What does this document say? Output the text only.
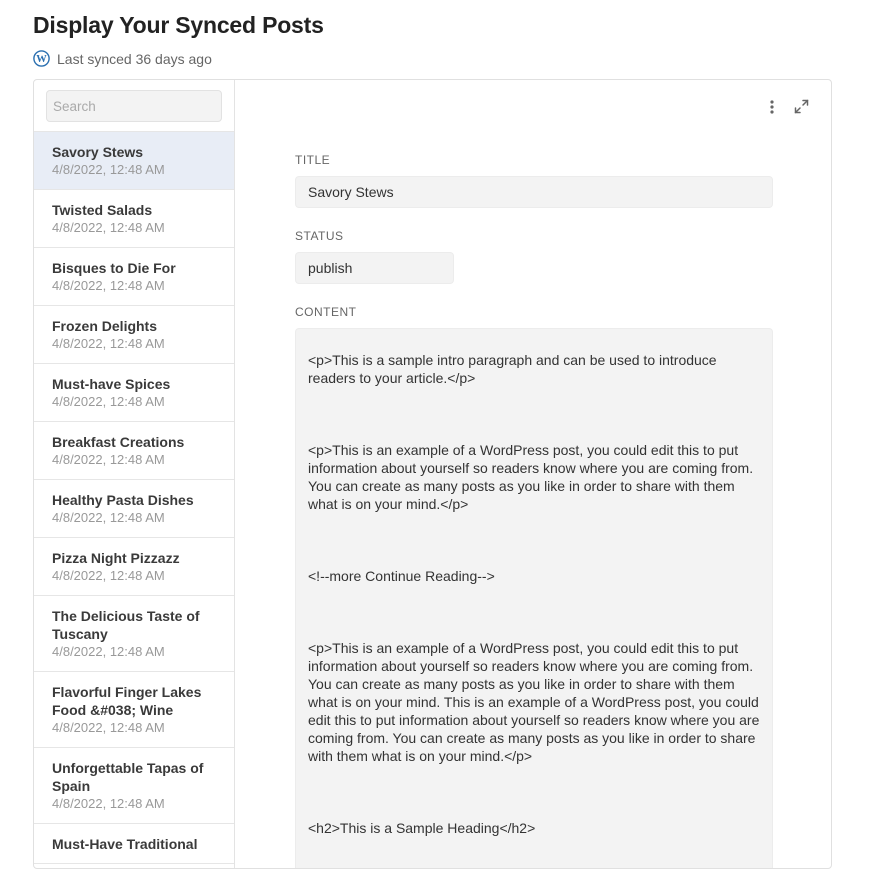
Display Your Synced Posts
W Last synced 36 days ago
Search
Savory Stews
4/8/2022, 12:48 AM
Twisted Salads
4/8/2022, 12:48 AM
Bisques to Die For
4/8/2022, 12:48 AM
Frozen Delights
4/8/2022, 12:48 AM
Must-have Spices
4/8/2022, 12:48 AM
Breakfast Creations
4/8/2022, 12:48 AM
Healthy Pasta Dishes
4/8/2022, 12:48 AM
Pizza Night Pizzazz
4/8/2022, 12:48 AM
The Delicious Taste of Tuscany
4/8/2022, 12:48 AM
Flavorful Finger Lakes Food &#038; Wine
4/8/2022, 12:48 AM
Unforgettable Tapas of Spain
4/8/2022, 12:48 AM
Must-Have Traditional
TITLE
Savory Stews
STATUS
publish
CONTENT
<p>This is a sample intro paragraph and can be used to introduce readers to your article.</p>
<p>This is an example of a WordPress post, you could edit this to put information about yourself so readers know where you are coming from. You can create as many posts as you like in order to share with them what is on your mind.</p>
<!--more Continue Reading-->
<p>This is an example of a WordPress post, you could edit this to put information about yourself so readers know where you are coming from. You can create as many posts as you like in order to share with them what is on your mind. This is an example of a WordPress post, you could edit this to put information about yourself so readers know where you are coming from. You can create as many posts as you like in order to share with them what is on your mind.</p>
<h2>This is a Sample Heading</h2>
